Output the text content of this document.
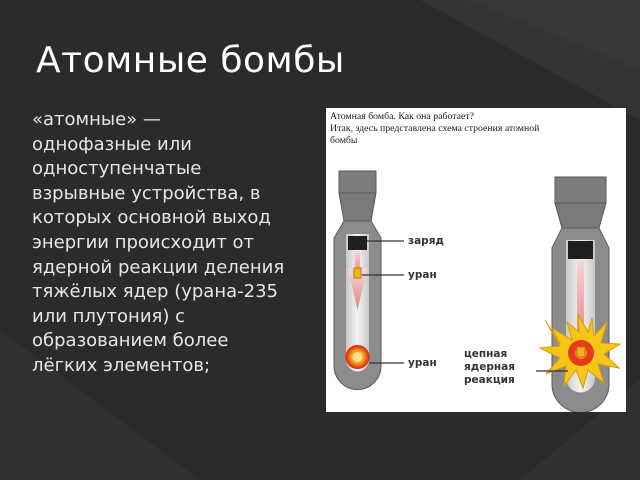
Атомные бомбы
«атомные» —
однофазные или
одноступенчатые
взрывные устройства, в
которых основной выход
энергии происходит от
ядерной реакции деления
тяжёлых ядер (урана-235
или плутония) с
образованием более
лёгких элементов;
Атомная бомба. Как она работает?
Итак, здесь представлена схема строения атомной
бомбы
заряд
уран
уран
цепная
ядерная
реакция
